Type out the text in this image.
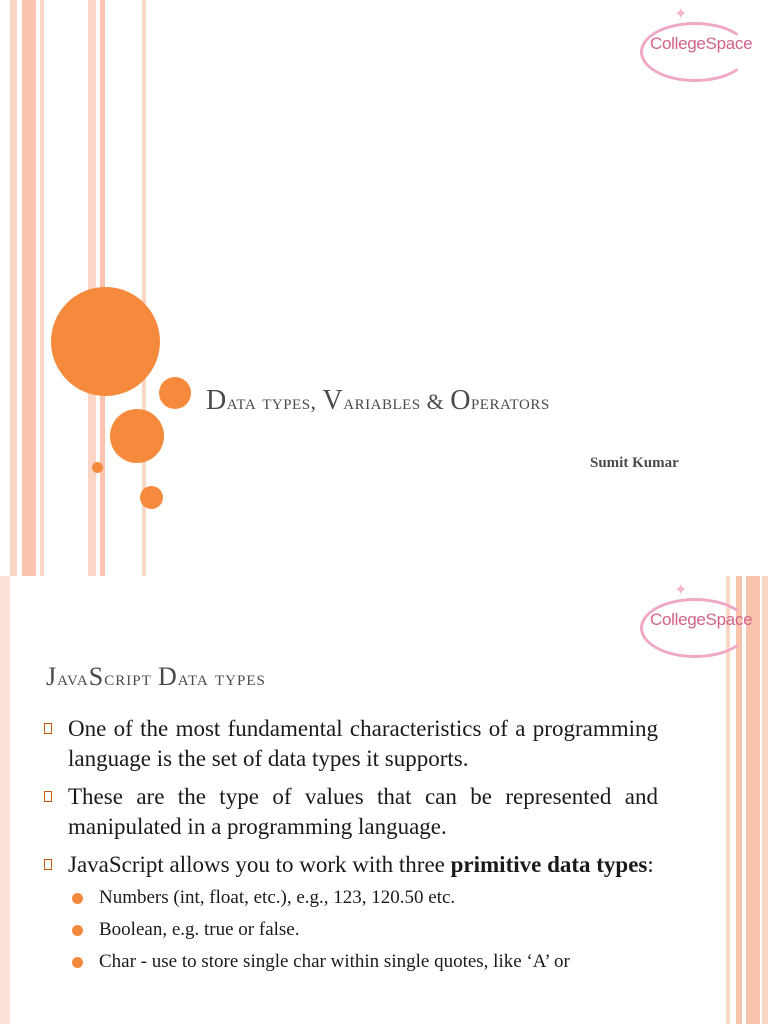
✦
CollegeSpace
Data types, Variables & Operators
Sumit Kumar
✦
CollegeSpace
JavaScript Data types
One of the most fundamental characteristics of a programming language is the set of data types it supports.
These are the type of values that can be represented and manipulated in a programming language.
JavaScript allows you to work with three primitive data types:
Numbers (int, float, etc.), e.g., 123, 120.50 etc.
Boolean, e.g. true or false.
Char - use to store single char within single quotes, like ‘A’ or
